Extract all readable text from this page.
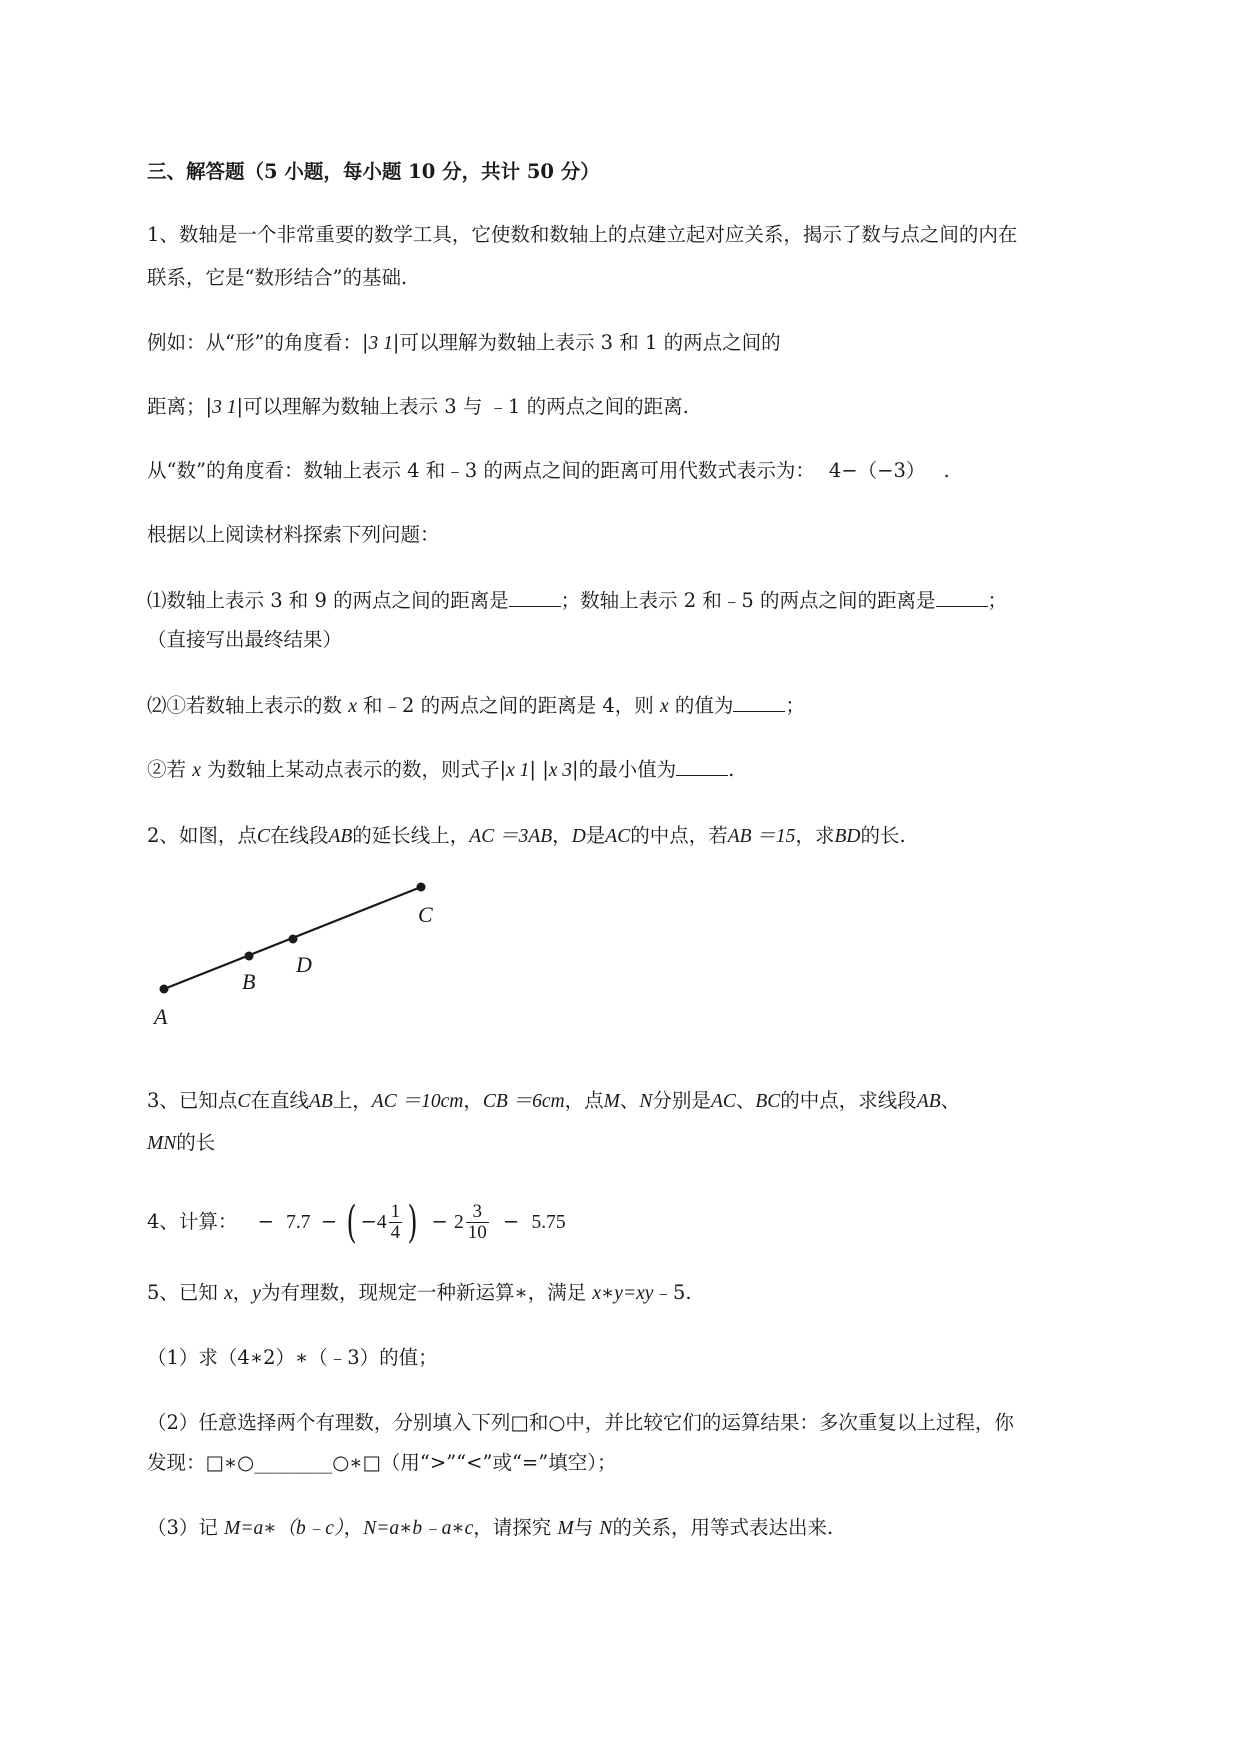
三、解答题（5 小题，每小题 10 分，共计 50 分）
1、数轴是一个非常重要的数学工具，它使数和数轴上的点建立起对应关系，揭示了数与点之间的内在
联系，它是“数形结合”的基础.
例如：从“形”的角度看：|3 1|可以理解为数轴上表示 3 和 1 的两点之间的
距离；|3 1|可以理解为数轴上表示 3 与 ﹣1 的两点之间的距离.
从“数”的角度看：数轴上表示 4 和﹣3 的两点之间的距离可用代数式表示为： 4−（−3） .
根据以上阅读材料探索下列问题：
⑴数轴上表示 3 和 9 的两点之间的距离是	；数轴上表示 2 和﹣5 的两点之间的距离是	；
（直接写出最终结果）
⑵①若数轴上表示的数 x 和﹣2 的两点之间的距离是 4，则 x 的值为	；
②若 x 为数轴上某动点表示的数，则式子|x 1| |x 3|的最小值为	.
2、如图，点C在线段AB的延长线上，AC ＝3AB，D是AC的中点，若AB ＝15，求BD的长.
A
B
D
C
3、已知点C在直线AB上，AC ＝10cm，CB ＝6cm，点M、N分别是AC、BC的中点，求线段AB、
MN的长
4、计算： − 7.7 − ( $-4 \frac{1}{4}$ ) − $2 \frac{3}{10} - 5.75$
5、已知 x，y为有理数，现规定一种新运算∗，满足 x∗y=xy﹣5.
（1）求（4∗2）∗（﹣3）的值；
（2）任意选择两个有理数，分别填入下列□和○中，并比较它们的运算结果：多次重复以上过程，你
发现：□∗○________○∗□（用“>”“<”或“=”填空）；
（3）记 M=a∗（b﹣c），N=a∗b﹣a∗c，请探究 M与 N的关系，用等式表达出来.
